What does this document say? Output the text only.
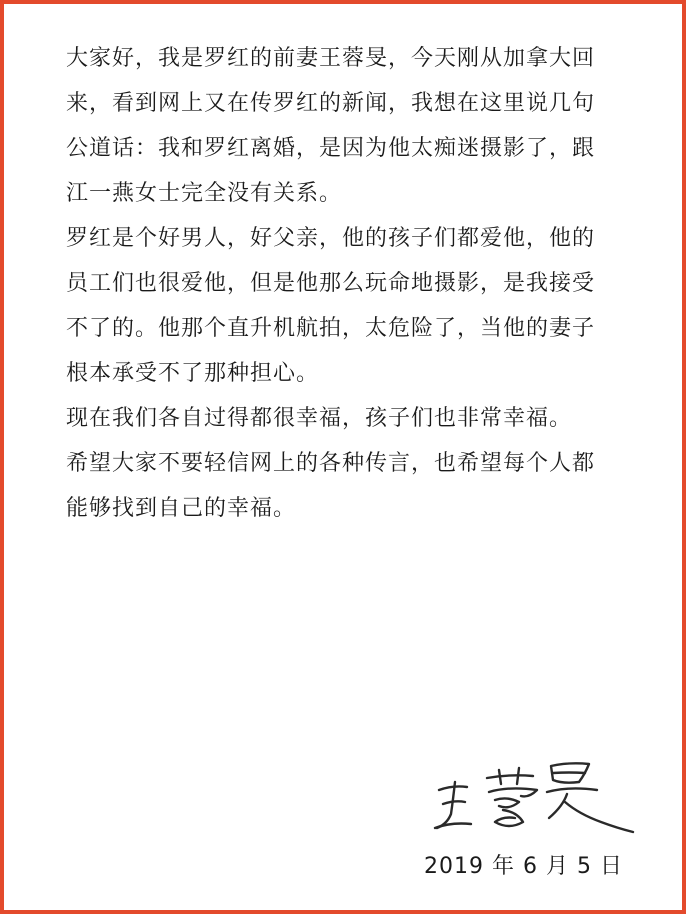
大家好，我是罗红的前妻王蓉旻，今天刚从加拿大回
来，看到网上又在传罗红的新闻，我想在这里说几句
公道话：我和罗红离婚，是因为他太痴迷摄影了，跟
江一燕女士完全没有关系。
罗红是个好男人，好父亲，他的孩子们都爱他，他的
员工们也很爱他，但是他那么玩命地摄影，是我接受
不了的。他那个直升机航拍，太危险了，当他的妻子
根本承受不了那种担心。
现在我们各自过得都很幸福，孩子们也非常幸福。
希望大家不要轻信网上的各种传言，也希望每个人都
能够找到自己的幸福。
2019 年 6 月 5 日
